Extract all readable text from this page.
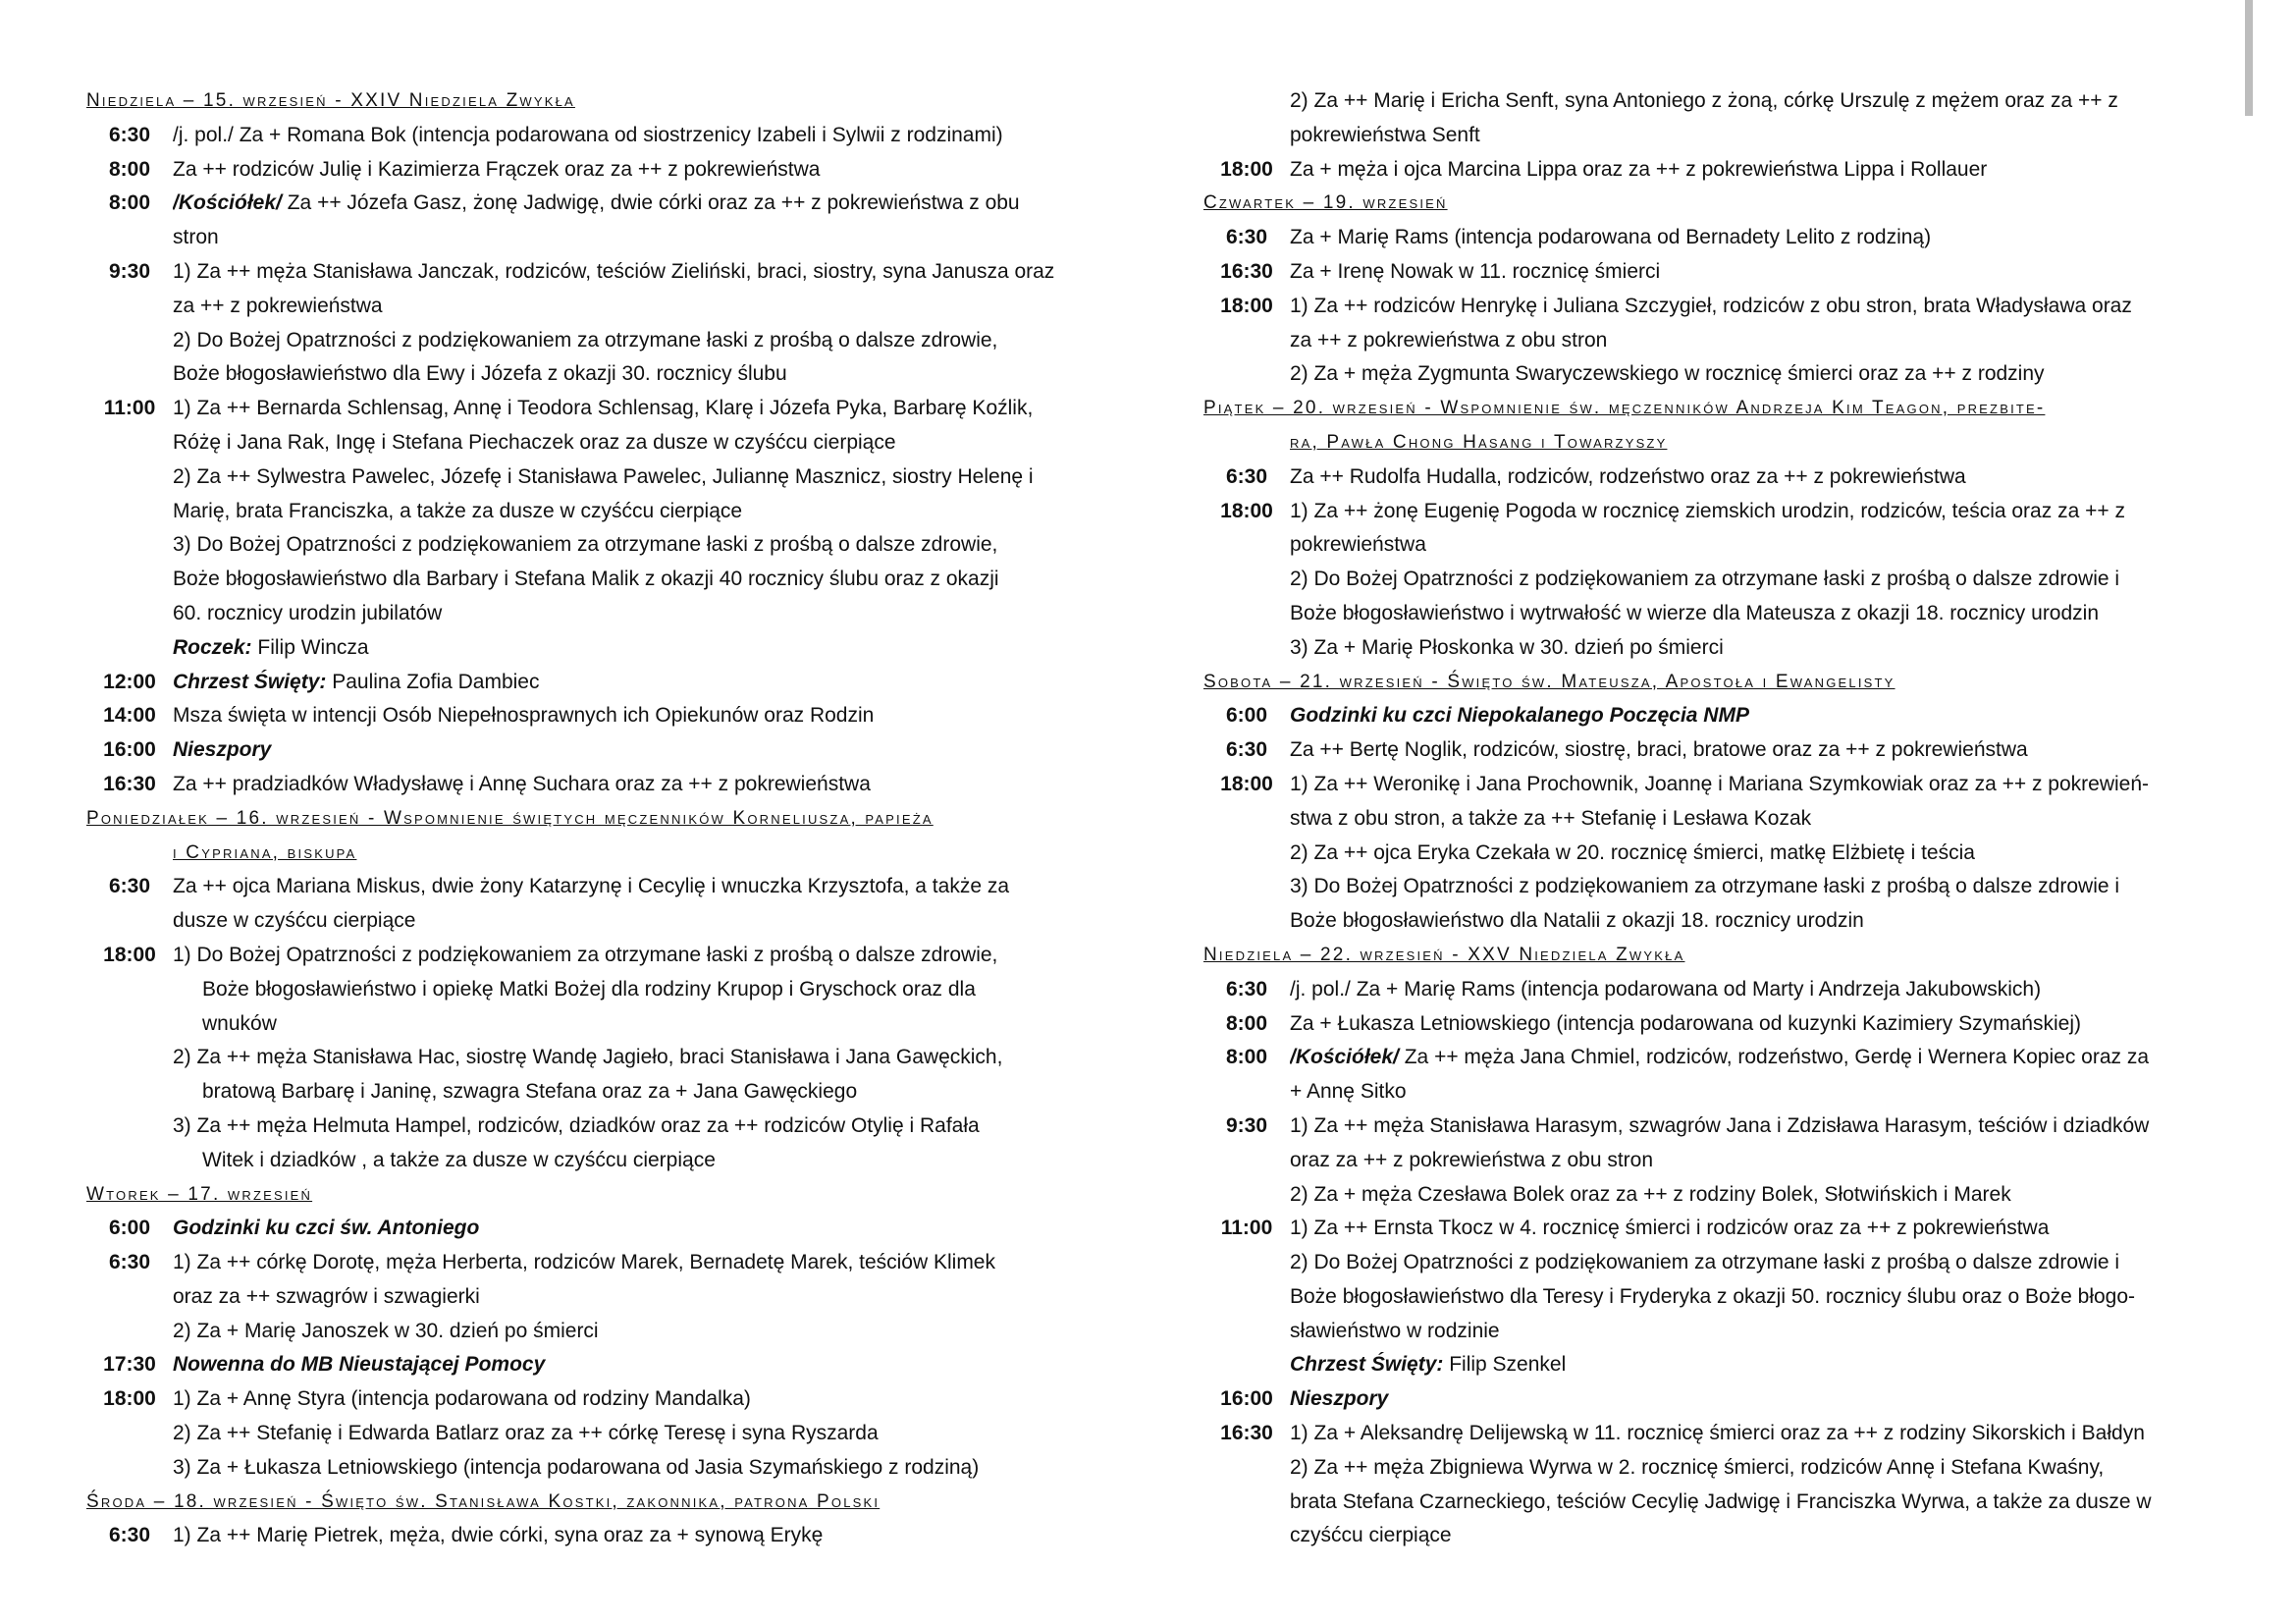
Niedziela – 15. wrzesień - XXIV Niedziela Zwykła
6:30	/j. pol./ Za + Romana Bok (intencja podarowana od siostrzenicy Izabeli i Sylwii z rodzinami)
8:00	Za ++ rodziców Julię i Kazimierza Frączek oraz za ++ z pokrewieństwa
8:00	/Kościółek/ Za ++ Józefa Gasz, żonę Jadwigę, dwie córki oraz za ++ z pokrewieństwa z obu
stron
9:30	1) Za ++ męża Stanisława Janczak, rodziców, teściów Zieliński, braci, siostry, syna Janusza oraz
za ++ z pokrewieństwa
2) Do Bożej Opatrzności z podziękowaniem za otrzymane łaski z prośbą o dalsze zdrowie,
Boże błogosławieństwo dla Ewy i Józefa z okazji 30. rocznicy ślubu
11:00 1) Za ++ Bernarda Schlensag, Annę i Teodora Schlensag, Klarę i Józefa Pyka, Barbarę Koźlik,
Różę i Jana Rak, Ingę i Stefana Piechaczek oraz za dusze w czyśćcu cierpiące
2) Za ++ Sylwestra Pawelec, Józefę i Stanisława Pawelec, Juliannę Masznicz, siostry Helenę i
Marię, brata Franciszka, a także za dusze w czyśćcu cierpiące
3) Do Bożej Opatrzności z podziękowaniem za otrzymane łaski z prośbą o dalsze zdrowie,
Boże błogosławieństwo dla Barbary i Stefana Malik z okazji 40 rocznicy ślubu oraz z okazji
60. rocznicy urodzin jubilatów
Roczek: Filip Wincza
12:00 Chrzest Święty: Paulina Zofia Dambiec
14:00 Msza święta w intencji Osób Niepełnosprawnych ich Opiekunów oraz Rodzin
16:00 Nieszpory
16:30 Za ++ pradziadków Władysławę i Annę Suchara oraz za ++ z pokrewieństwa
Poniedziałek – 16. wrzesień - Wspomnienie świętych męczenników Korneliusza, papieża
i Cypriana, biskupa
6:30	Za ++ ojca Mariana Miskus, dwie żony Katarzynę i Cecylię i wnuczka Krzysztofa, a także za
dusze w czyśćcu cierpiące
18:00 1) Do Bożej Opatrzności z podziękowaniem za otrzymane łaski z prośbą o dalsze zdrowie,
Boże błogosławieństwo i opiekę Matki Bożej dla rodziny Krupop i Gryschock oraz dla
wnuków
2) Za ++ męża Stanisława Hac, siostrę Wandę Jagieło, braci Stanisława i Jana Gawęckich,
bratową Barbarę i Janinę, szwagra Stefana oraz za + Jana Gawęckiego
3) Za ++ męża Helmuta Hampel, rodziców, dziadków oraz za ++ rodziców Otylię i Rafała
Witek i dziadków , a także za dusze w czyśćcu cierpiące
Wtorek – 17. wrzesień
6:00	Godzinki ku czci św. Antoniego
6:30	1) Za ++ córkę Dorotę, męża Herberta, rodziców Marek, Bernadetę Marek, teściów Klimek
oraz za ++ szwagrów i szwagierki
2) Za + Marię Janoszek w 30. dzień po śmierci
17:30 Nowenna do MB Nieustającej Pomocy
18:00 1) Za + Annę Styra (intencja podarowana od rodziny Mandalka)
2) Za ++ Stefanię i Edwarda Batlarz oraz za ++ córkę Teresę i syna Ryszarda
3) Za + Łukasza Letniowskiego (intencja podarowana od Jasia Szymańskiego z rodziną)
Środa – 18. wrzesień - Święto św. Stanisława Kostki, zakonnika, patrona Polski
6:30	1) Za ++ Marię Pietrek, męża, dwie córki, syna oraz za + synową Erykę
2) Za ++ Marię i Ericha Senft, syna Antoniego z żoną, córkę Urszulę z mężem oraz za ++ z
pokrewieństwa Senft
18:00 Za + męża i ojca Marcina Lippa oraz za ++ z pokrewieństwa Lippa i Rollauer
Czwartek – 19. wrzesień
6:30	Za + Marię Rams (intencja podarowana od Bernadety Lelito z rodziną)
16:30 Za + Irenę Nowak w 11. rocznicę śmierci
18:00 1) Za ++ rodziców Henrykę i Juliana Szczygieł, rodziców z obu stron, brata Władysława oraz
za ++ z pokrewieństwa z obu stron
2) Za + męża Zygmunta Swaryczewskiego w rocznicę śmierci oraz za ++ z rodziny
Piątek – 20. wrzesień - Wspomnienie św. męczenników Andrzeja Kim Teagon, prezbite-
ra, Pawła Chong Hasang i Towarzyszy
6:30	Za ++ Rudolfa Hudalla, rodziców, rodzeństwo oraz za ++ z pokrewieństwa
18:00 1) Za ++ żonę Eugenię Pogoda w rocznicę ziemskich urodzin, rodziców, teścia oraz za ++ z
pokrewieństwa
2) Do Bożej Opatrzności z podziękowaniem za otrzymane łaski z prośbą o dalsze zdrowie i
Boże błogosławieństwo i wytrwałość w wierze dla Mateusza z okazji 18. rocznicy urodzin
3) Za + Marię Płoskonka w 30. dzień po śmierci
Sobota – 21. wrzesień - Święto św. Mateusza, Apostoła i Ewangelisty
6:00	Godzinki ku czci Niepokalanego Poczęcia NMP
6:30	Za ++ Bertę Noglik, rodziców, siostrę, braci, bratowe oraz za ++ z pokrewieństwa
18:00 1) Za ++ Weronikę i Jana Prochownik, Joannę i Mariana Szymkowiak oraz za ++ z pokrewień-
stwa z obu stron, a także za ++ Stefanię i Lesława Kozak
2) Za ++ ojca Eryka Czekała w 20. rocznicę śmierci, matkę Elżbietę i teścia
3) Do Bożej Opatrzności z podziękowaniem za otrzymane łaski z prośbą o dalsze zdrowie i
Boże błogosławieństwo dla Natalii z okazji 18. rocznicy urodzin
Niedziela – 22. wrzesień - XXV Niedziela Zwykła
6:30	/j. pol./ Za + Marię Rams (intencja podarowana od Marty i Andrzeja Jakubowskich)
8:00	Za + Łukasza Letniowskiego (intencja podarowana od kuzynki Kazimiery Szymańskiej)
8:00	/Kościółek/ Za ++ męża Jana Chmiel, rodziców, rodzeństwo, Gerdę i Wernera Kopiec oraz za
+ Annę Sitko
9:30	1) Za ++ męża Stanisława Harasym, szwagrów Jana i Zdzisława Harasym, teściów i dziadków
oraz za ++ z pokrewieństwa z obu stron
2) Za + męża Czesława Bolek oraz za ++ z rodziny Bolek, Słotwińskich i Marek
11:00 1) Za ++ Ernsta Tkocz w 4. rocznicę śmierci i rodziców oraz za ++ z pokrewieństwa
2) Do Bożej Opatrzności z podziękowaniem za otrzymane łaski z prośbą o dalsze zdrowie i
Boże błogosławieństwo dla Teresy i Fryderyka z okazji 50. rocznicy ślubu oraz o Boże błogo-
sławieństwo w rodzinie
Chrzest Święty: Filip Szenkel
16:00 Nieszpory
16:30 1) Za + Aleksandrę Delijewską w 11. rocznicę śmierci oraz za ++ z rodziny Sikorskich i Bałdyn
2) Za ++ męża Zbigniewa Wyrwa w 2. rocznicę śmierci, rodziców Annę i Stefana Kwaśny,
brata Stefana Czarneckiego, teściów Cecylię Jadwigę i Franciszka Wyrwa, a także za dusze w
czyśćcu cierpiące
